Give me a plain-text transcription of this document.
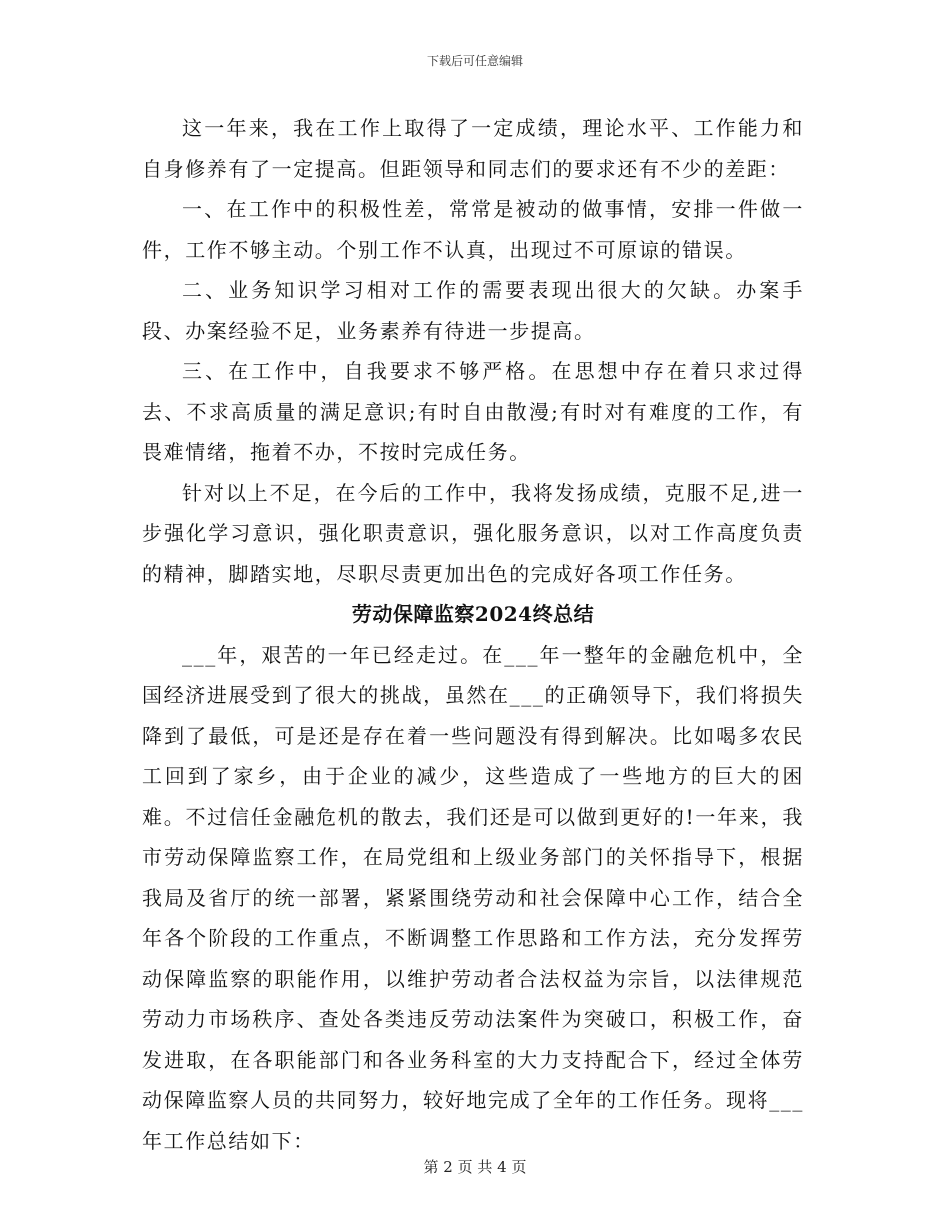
下载后可任意编辑

这一年来，我在工作上取得了一定成绩，理论水平、工作能力和自身修养有了一定提高。但距领导和同志们的要求还有不少的差距：

一、在工作中的积极性差，常常是被动的做事情，安排一件做一件，工作不够主动。个别工作不认真，出现过不可原谅的错误。

二、业务知识学习相对工作的需要表现出很大的欠缺。办案手段、办案经验不足，业务素养有待进一步提高。

三、在工作中，自我要求不够严格。在思想中存在着只求过得去、不求高质量的满足意识;有时自由散漫;有时对有难度的工作，有畏难情绪，拖着不办，不按时完成任务。

针对以上不足，在今后的工作中，我将发扬成绩，克服不足,进一步强化学习意识，强化职责意识，强化服务意识，以对工作高度负责的精神，脚踏实地，尽职尽责更加出色的完成好各项工作任务。

劳动保障监察2024终总结

___年，艰苦的一年已经走过。在___年一整年的金融危机中，全国经济进展受到了很大的挑战，虽然在___的正确领导下，我们将损失降到了最低，可是还是存在着一些问题没有得到解决。比如喝多农民工回到了家乡，由于企业的减少，这些造成了一些地方的巨大的困难。不过信任金融危机的散去，我们还是可以做到更好的!一年来，我市劳动保障监察工作，在局党组和上级业务部门的关怀指导下，根据我局及省厅的统一部署，紧紧围绕劳动和社会保障中心工作，结合全年各个阶段的工作重点，不断调整工作思路和工作方法，充分发挥劳动保障监察的职能作用，以维护劳动者合法权益为宗旨，以法律规范劳动力市场秩序、查处各类违反劳动法案件为突破口，积极工作，奋发进取，在各职能部门和各业务科室的大力支持配合下，经过全体劳动保障监察人员的共同努力，较好地完成了全年的工作任务。现将___年工作总结如下：

第 2 页 共 4 页
